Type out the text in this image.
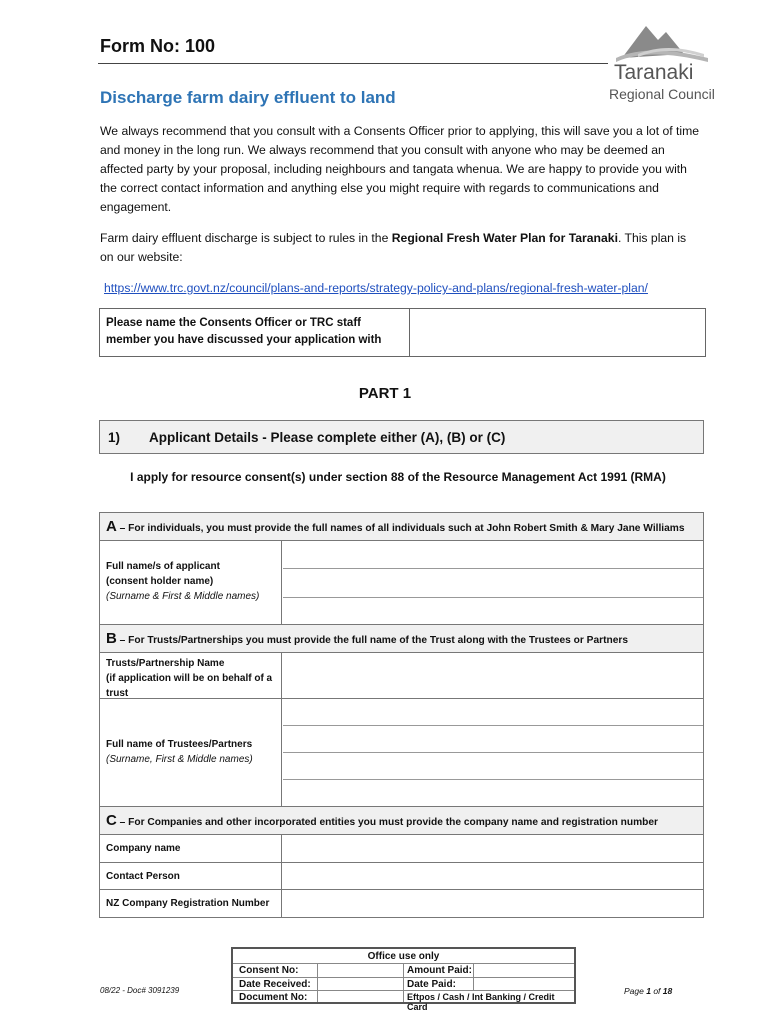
Form No: 100
Taranaki
Regional Council
Discharge farm dairy effluent to land
We always recommend that you consult with a Consents Officer prior to applying, this will save you a lot of time and money in the long run. We always recommend that you consult with anyone who may be deemed an affected party by your proposal, including neighbours and tangata whenua. We are happy to provide you with the correct contact information and anything else you might require with regards to communications and engagement.
Farm dairy effluent discharge is subject to rules in the Regional Fresh Water Plan for Taranaki. This plan is on our website:
https://www.trc.govt.nz/council/plans-and-reports/strategy-policy-and-plans/regional-fresh-water-plan/
Please name the Consents Officer or TRC staff member you have discussed your application with
PART 1
1) Applicant Details - Please complete either (A), (B) or (C)
I apply for resource consent(s) under section 88 of the Resource Management Act 1991 (RMA)
A – For individuals, you must provide the full names of all individuals such at John Robert Smith & Mary Jane Williams
Full name/s of applicant
(consent holder name)
(Surname & First & Middle names)
B – For Trusts/Partnerships you must provide the full name of the Trust along with the Trustees or Partners
Trusts/Partnership Name
(if application will be on behalf of a trust
Full name of Trustees/Partners
(Surname, First & Middle names)
C – For Companies and other incorporated entities you must provide the company name and registration number
Company name
Contact Person
NZ Company Registration Number
Office use only
Consent No:
Date Received:
Document No:
Amount Paid:
Date Paid:
Eftpos / Cash / Int Banking / Credit Card
08/22 - Doc# 3091239	Page 1 of 18
